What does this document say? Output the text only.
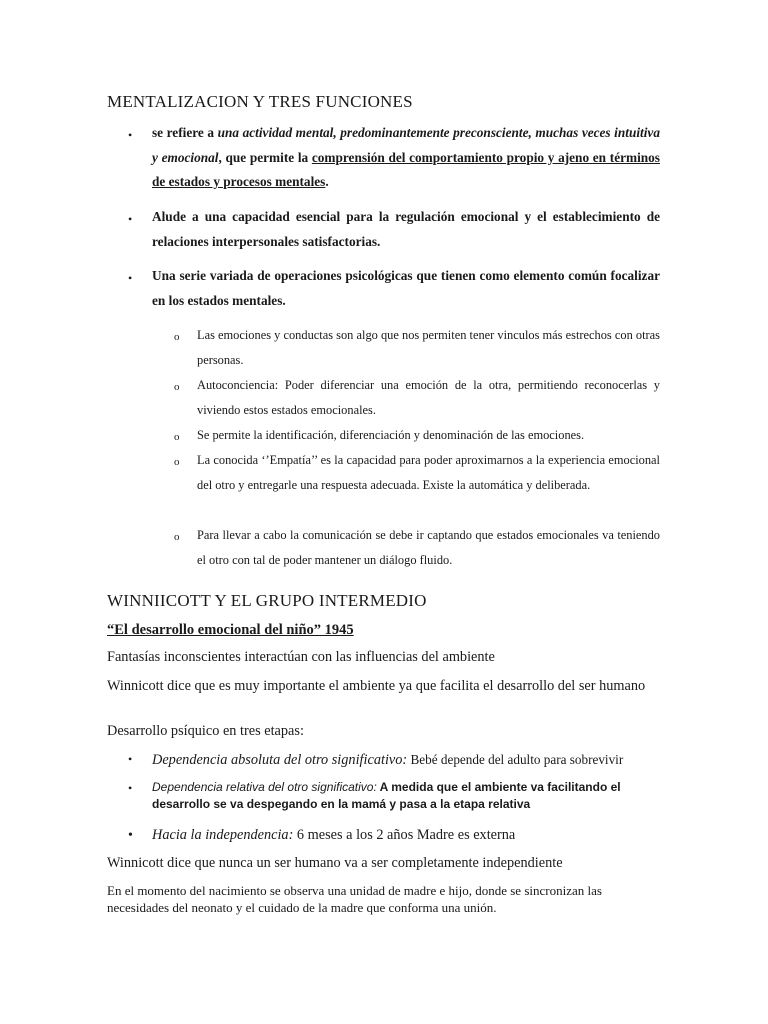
MENTALIZACION Y TRES FUNCIONES
• se refiere a una actividad mental, predominantemente preconsciente, muchas veces intuitiva y emocional, que permite la comprensión del comportamiento propio y ajeno en términos de estados y procesos mentales.
• Alude a una capacidad esencial para la regulación emocional y el establecimiento de relaciones interpersonales satisfactorias.
• Una serie variada de operaciones psicológicas que tienen como elemento común focalizar en los estados mentales.
o Las emociones y conductas son algo que nos permiten tener vinculos más estrechos con otras personas.
o Autoconciencia: Poder diferenciar una emoción de la otra, permitiendo reconocerlas y viviendo estos estados emocionales.
o Se permite la identificación, diferenciación y denominación de las emociones.
o La conocida ‘’Empatía’’ es la capacidad para poder aproximarnos a la experiencia emocional del otro y entregarle una respuesta adecuada. Existe la automática y deliberada.
o Para llevar a cabo la comunicación se debe ir captando que estados emocionales va teniendo el otro con tal de poder mantener un diálogo fluido.
WINNIICOTT Y EL GRUPO INTERMEDIO
“El desarrollo emocional del niño” 1945
Fantasías inconscientes interactúan con las influencias del ambiente
Winnicott dice que es muy importante el ambiente ya que facilita el desarrollo del ser humano
Desarrollo psíquico en tres etapas:
• Dependencia absoluta del otro significativo: Bebé depende del adulto para sobrevivir
• Dependencia relativa del otro significativo: A medida que el ambiente va facilitando el desarrollo se va despegando en la mamá y pasa a la etapa relativa
• Hacia la independencia: 6 meses a los 2 años Madre es externa
Winnicott dice que nunca un ser humano va a ser completamente independiente
En el momento del nacimiento se observa una unidad de madre e hijo, donde se sincronizan las necesidades del neonato y el cuidado de la madre que conforma una unión.
